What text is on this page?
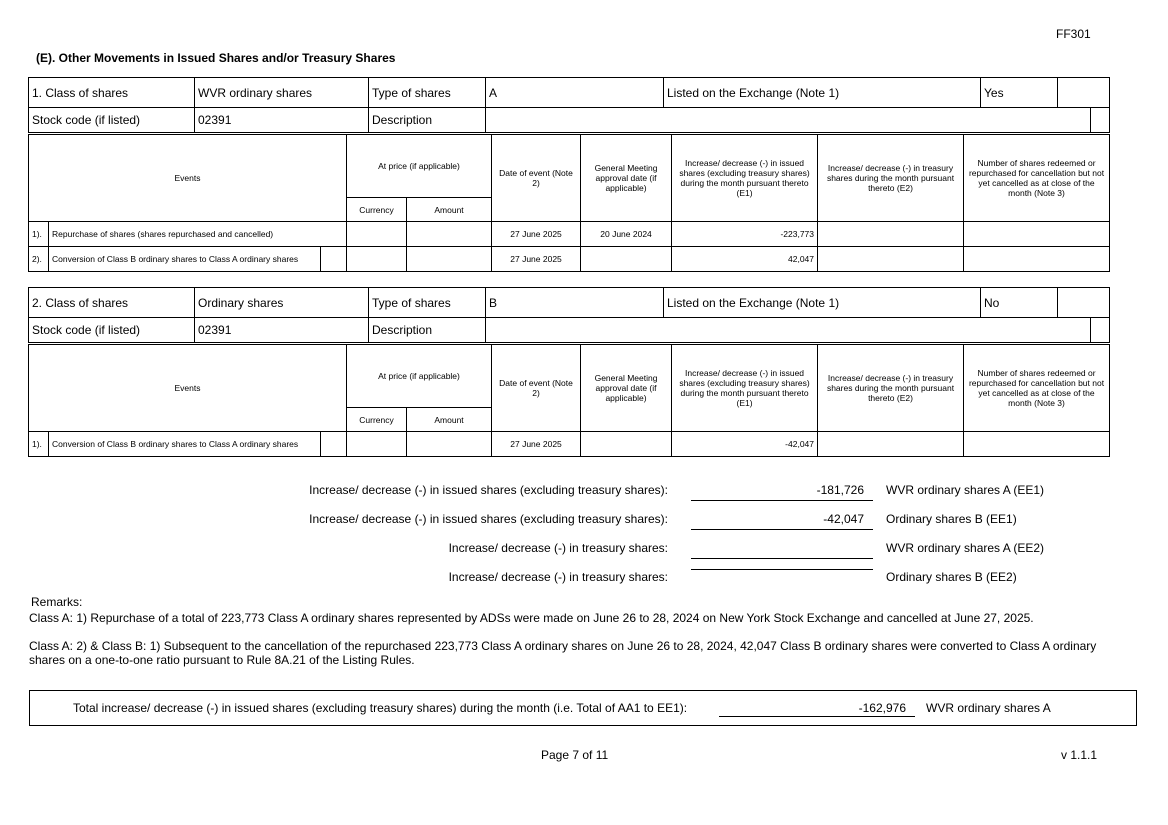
FF301
(E). Other Movements in Issued Shares and/or Treasury Shares
1. Class of shares	WVR ordinary shares	Type of shares	A	Listed on the Exchange (Note 1)	Yes		
Stock code (if listed)	02391	Description					
Events			At price (if applicable)		Date of event (Note 2)	General Meeting approval date (if applicable)	Increase/ decrease (-) in issued shares (excluding treasury shares) during the month pursuant thereto (E1)	Increase/ decrease (-) in treasury shares during the month pursuant thereto (E2)	Number of shares redeemed or repurchased for cancellation but not yet cancelled as at close of the month (Note 3)
			Currency	Amount					
1).	Repurchase of shares (shares repurchased and cancelled)				27 June 2025	20 June 2024	-223,773		
2).	Conversion of Class B ordinary shares to Class A ordinary shares				27 June 2025		42,047		
2. Class of shares	Ordinary shares	Type of shares	B	Listed on the Exchange (Note 1)	No		
Stock code (if listed)	02391	Description					
Events			At price (if applicable)		Date of event (Note 2)	General Meeting approval date (if applicable)	Increase/ decrease (-) in issued shares (excluding treasury shares) during the month pursuant thereto (E1)	Increase/ decrease (-) in treasury shares during the month pursuant thereto (E2)	Number of shares redeemed or repurchased for cancellation but not yet cancelled as at close of the month (Note 3)
			Currency	Amount					
1).	Conversion of Class B ordinary shares to Class A ordinary shares				27 June 2025		-42,047		
Increase/ decrease (-) in issued shares (excluding treasury shares):	-181,726 WVR ordinary shares A (EE1)
Increase/ decrease (-) in issued shares (excluding treasury shares):	-42,047 Ordinary shares B (EE1)
Increase/ decrease (-) in treasury shares:	WVR ordinary shares A (EE2)
Increase/ decrease (-) in treasury shares:	Ordinary shares B (EE2)
Remarks:

Class A: 1) Repurchase of a total of 223,773 Class A ordinary shares represented by ADSs were made on June 26 to 28, 2024 on New York Stock Exchange and cancelled at June 27, 2025.

Class A: 2) & Class B: 1) Subsequent to the cancellation of the repurchased 223,773 Class A ordinary shares on June 26 to 28, 2024, 42,047 Class B ordinary shares were converted to Class A ordinary shares on a one-to-one ratio pursuant to Rule 8A.21 of the Listing Rules.

Total increase/ decrease (-) in issued shares (excluding treasury shares) during the month (i.e. Total of AA1 to EE1):	-162,976 WVR ordinary shares A
Page 7 of 11	v 1.1.1
